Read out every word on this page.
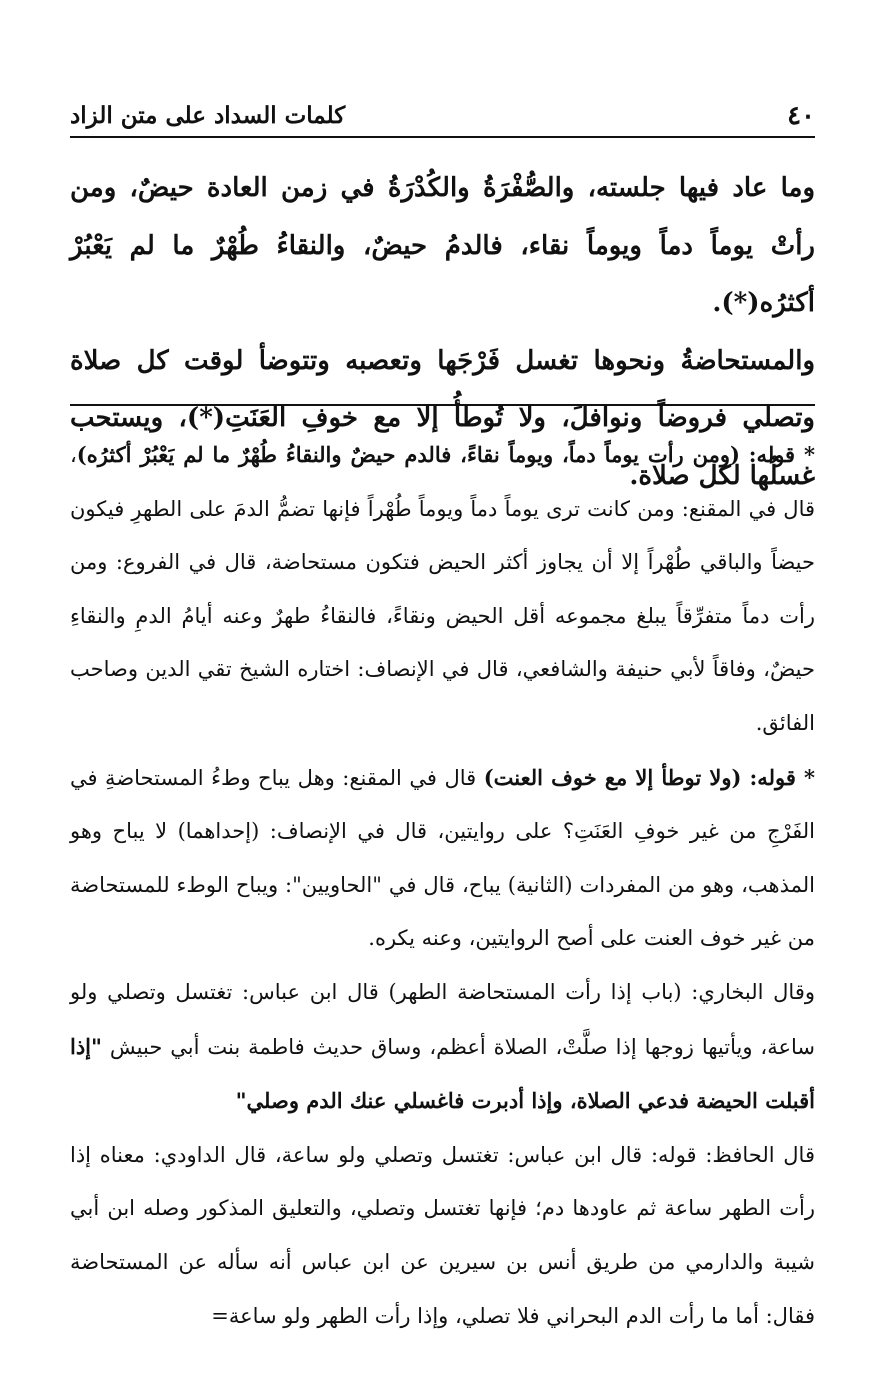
٤٠
كلمات السداد على متن الزاد

وما عاد فيها جلسته، والصُّفْرَةُ والكُدْرَةُ في زمن العادة حيضٌ، ومن رأتْ يوماً دماً ويوماً نقاء، فالدمُ حيضٌ، والنقاءُ طُهْرٌ ما لم يَعْبُرْ أكثرُه(*).

والمستحاضةُ ونحوها تغسل فَرْجَها وتعصبه وتتوضأ لوقت كل صلاة وتصلي فروضاً ونوافلَ، ولا تُوطأُ إلا مع خوفِ العَنَتِ(*)، ويستحب غسلُها لكل صلاة.

* قوله: (ومن رأت يوماً دماً، ويوماً نقاءً، فالدم حيضٌ والنقاءُ طُهْرٌ ما لم يَعْبُرْ أكثرُه)، قال في المقنع: ومن كانت ترى يوماً دماً ويوماً طُهْراً فإنها تضمُّ الدمَ على الطهرِ فيكون حيضاً والباقي طُهْراً إلا أن يجاوز أكثر الحيض فتكون مستحاضة، قال في الفروع: ومن رأت دماً متفرِّقاً يبلغ مجموعه أقل الحيض ونقاءً، فالنقاءُ طهرٌ وعنه أيامُ الدمِ والنقاءِ حيضٌ، وفاقاً لأبي حنيفة والشافعي، قال في الإنصاف: اختاره الشيخ تقي الدين وصاحب الفائق.

* قوله: (ولا توطأ إلا مع خوف العنت) قال في المقنع: وهل يباح وطءُ المستحاضةِ في الفَرْجِ من غير خوفِ العَنَتِ؟ على روايتين، قال في الإنصاف: (إحداهما) لا يباح وهو المذهب، وهو من المفردات (الثانية) يباح، قال في "الحاويين": ويباح الوطء للمستحاضة من غير خوف العنت على أصح الروايتين، وعنه يكره.

وقال البخاري: (باب إذا رأت المستحاضة الطهر) قال ابن عباس: تغتسل وتصلي ولو ساعة، ويأتيها زوجها إذا صلَّتْ، الصلاة أعظم، وساق حديث فاطمة بنت أبي حبيش "إذا أقبلت الحيضة فدعي الصلاة، وإذا أدبرت فاغسلي عنك الدم وصلي"

قال الحافظ: قوله: قال ابن عباس: تغتسل وتصلي ولو ساعة، قال الداودي: معناه إذا رأت الطهر ساعة ثم عاودها دم؛ فإنها تغتسل وتصلي، والتعليق المذكور وصله ابن أبي شيبة والدارمي من طريق أنس بن سيرين عن ابن عباس أنه سأله عن المستحاضة فقال: أما ما رأت الدم البحراني فلا تصلي، وإذا رأت الطهر ولو ساعة=
